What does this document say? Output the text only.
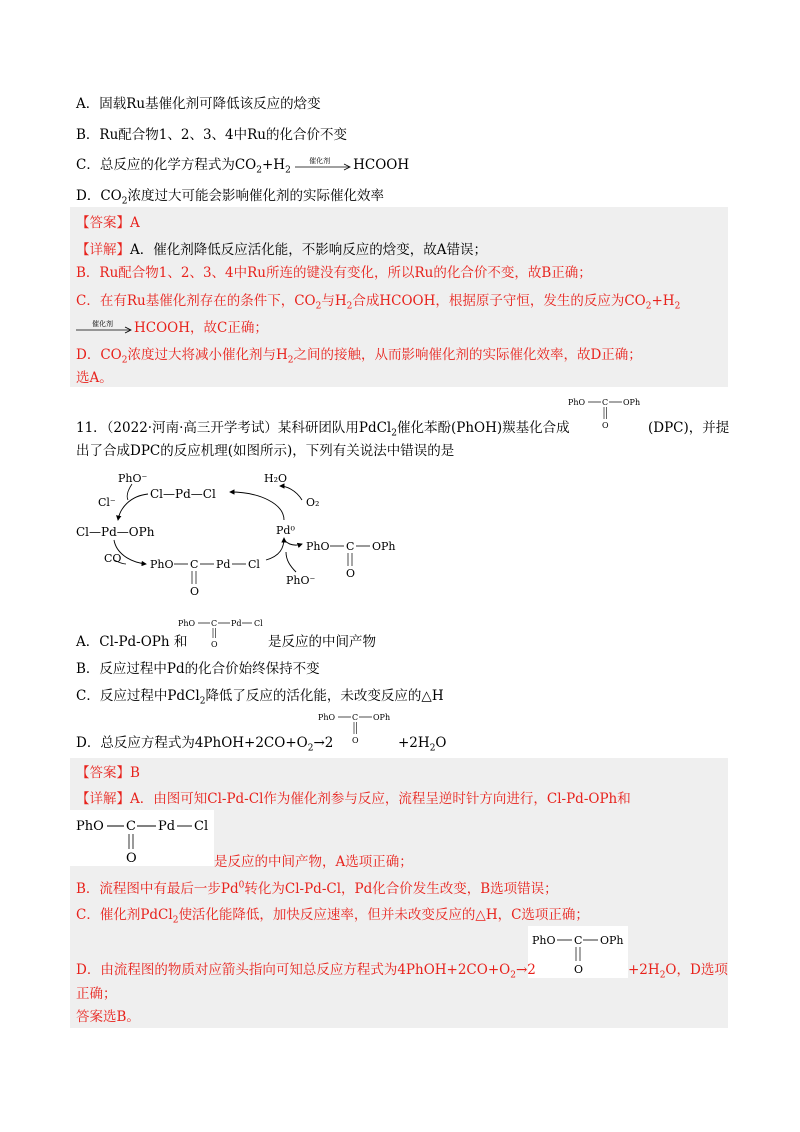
A．固载Ru基催化剂可降低该反应的焓变
B．Ru配合物1、2、3、4中Ru的化合价不变
C．总反应的化学方程式为$CO_2+H_2$
催化剂 HCOOH
D．$CO_2$浓度过大可能会影响催化剂的实际催化效率
【答案】A
【详解】A．催化剂降低反应活化能，不影响反应的焓变，故A错误；
B．Ru配合物1、2、3、4中Ru所连的键没有变化，所以Ru的化合价不变，故B正确；
C．在有Ru基催化剂存在的条件下，$CO_2$与$H_2$合成HCOOH，根据原子守恒，发生的反应为$CO_2+H_2$
催化剂 HCOOH，故C正确；
D．$CO_2$浓度过大将减小催化剂与$H_2$之间的接触，从而影响催化剂的实际催化效率，故D正确；
选A。
11．（2022·河南·高三开学考试）某科研团队用PdCl$_2$催化苯酚(PhOH)羰基化合成
PhO C OPh
O	(DPC)，并提
出了合成DPC的反应机理(如图所示)，下列有关说法中错误的是
PhO⁻
Cl—Pd—Cl
Cl⁻
Cl—Pd—OPh
CO
H₂O
O₂
Pd⁰
PhO C Pd Cl
O
PhO C OPh
O
PhO⁻
PhO C Pd Cl
O
A．Cl-Pd-OPh 和	是反应的中间产物
B．反应过程中Pd的化合价始终保持不变
C．反应过程中PdCl$_2$降低了反应的活化能，未改变反应的△H
PhO C OPh
O
D．总反应方程式为$4PhOH+2CO+O_2\to 2$	$+2H_2O$
【答案】B
【详解】A．由图可知Cl-Pd-Cl作为催化剂参与反应，流程呈逆时针方向进行，Cl-Pd-OPh和
PhO C Pd Cl
O	是反应的中间产物，A选项正确；
B．流程图中有最后一步Pd$^0$转化为Cl-Pd-Cl，Pd化合价发生改变，B选项错误；
C．催化剂PdCl$_2$使活化能降低，加快反应速率，但并未改变反应的△H，C选项正确；
PhO C OPh
O
D．由流程图的物质对应箭头指向可知总反应方程式为$4PhOH+2CO+O_2\to 2$	$+2H_2O$，D选项
正确；
答案选B。
